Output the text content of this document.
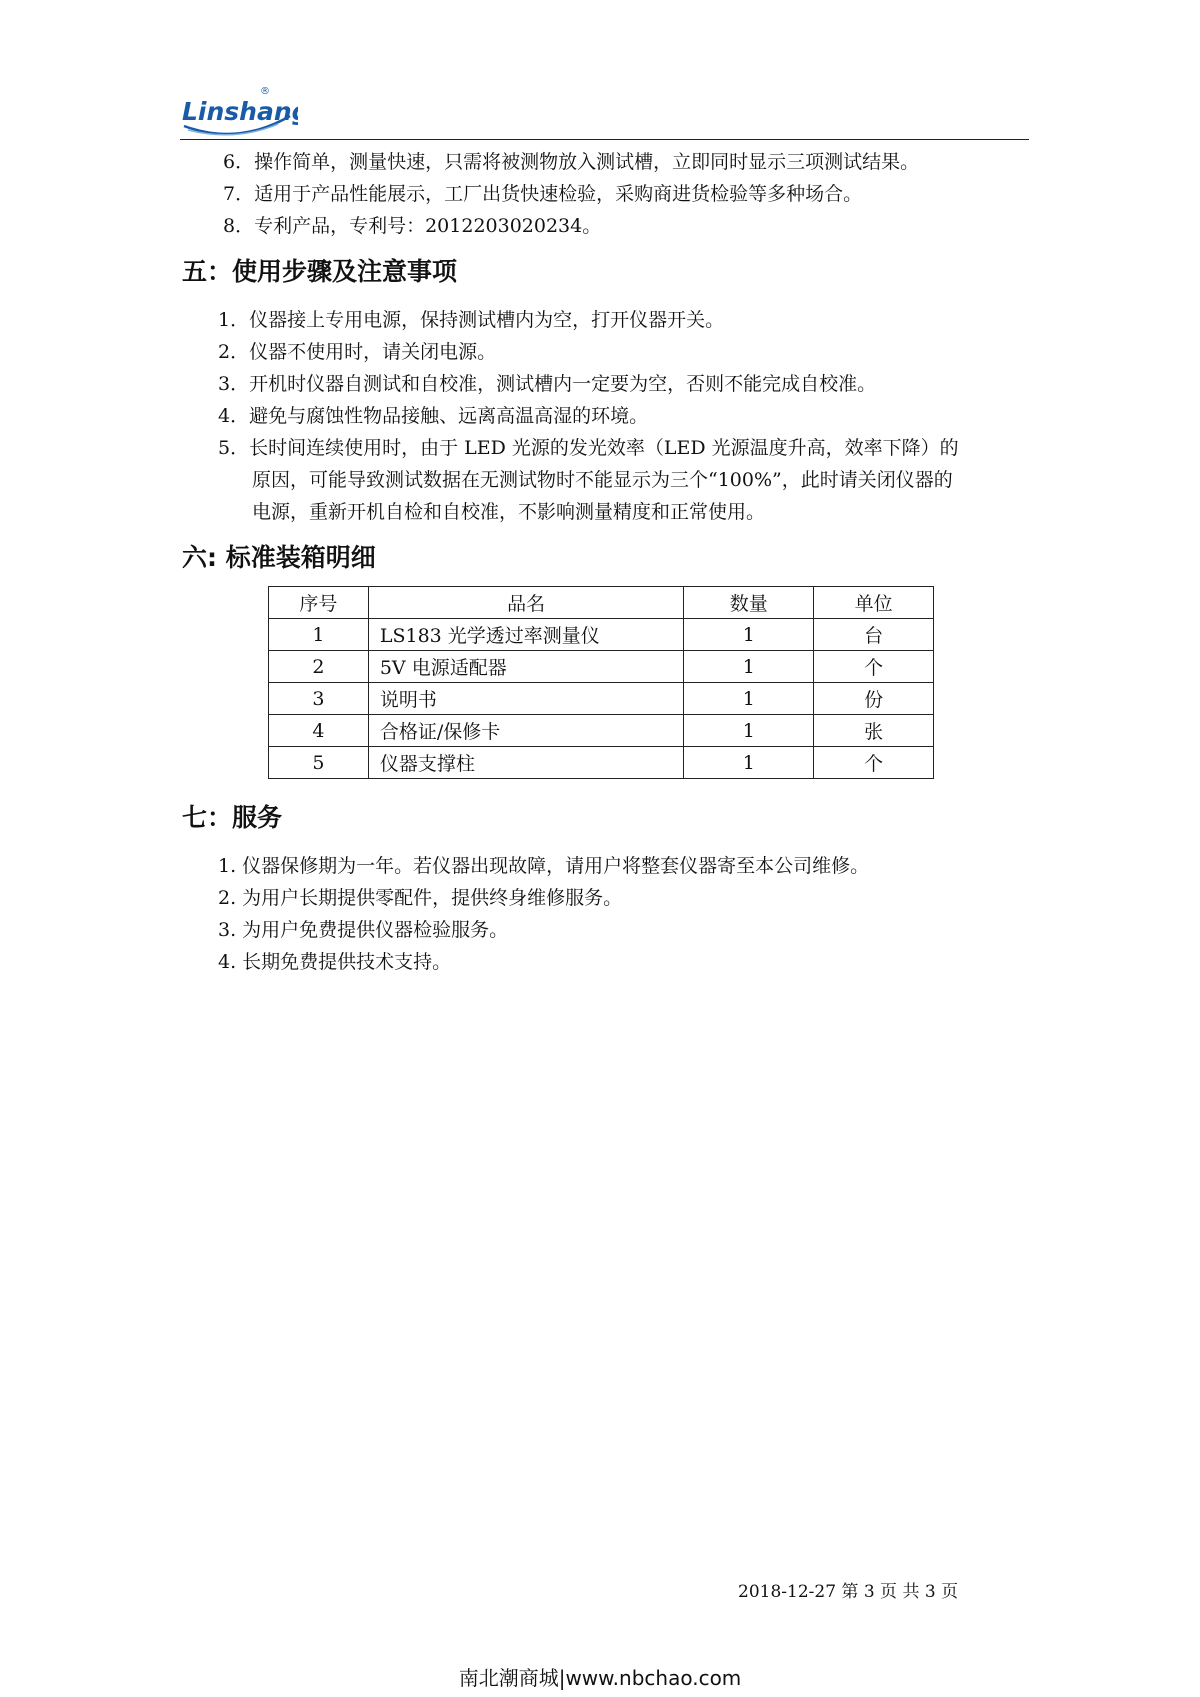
Linshang
®
6．操作简单，测量快速，只需将被测物放入测试槽，立即同时显示三项测试结果。
7．适用于产品性能展示，工厂出货快速检验，采购商进货检验等多种场合。
8．专利产品，专利号：2012203020234。
五：使用步骤及注意事项
1．仪器接上专用电源，保持测试槽内为空，打开仪器开关。
2．仪器不使用时，请关闭电源。
3．开机时仪器自测试和自校准，测试槽内一定要为空，否则不能完成自校准。
4．避免与腐蚀性物品接触、远离高温高湿的环境。
5．长时间连续使用时，由于 LED 光源的发光效率（LED 光源温度升高，效率下降）的
原因，可能导致测试数据在无测试物时不能显示为三个“100%”，此时请关闭仪器的
电源，重新开机自检和自校准，不影响测量精度和正常使用。
六: 标准装箱明细
序号	品名	数量	单位
1	LS183 光学透过率测量仪	1	台
2	5V 电源适配器	1	个
3	说明书	1	份
4	合格证/保修卡	1	张
5	仪器支撑柱	1	个
七：服务
1. 仪器保修期为一年。若仪器出现故障，请用户将整套仪器寄至本公司维修。
2. 为用户长期提供零配件，提供终身维修服务。
3. 为用户免费提供仪器检验服务。
4. 长期免费提供技术支持。
2018-12-27 第 3 页 共 3 页
南北潮商城|www.nbchao.com
